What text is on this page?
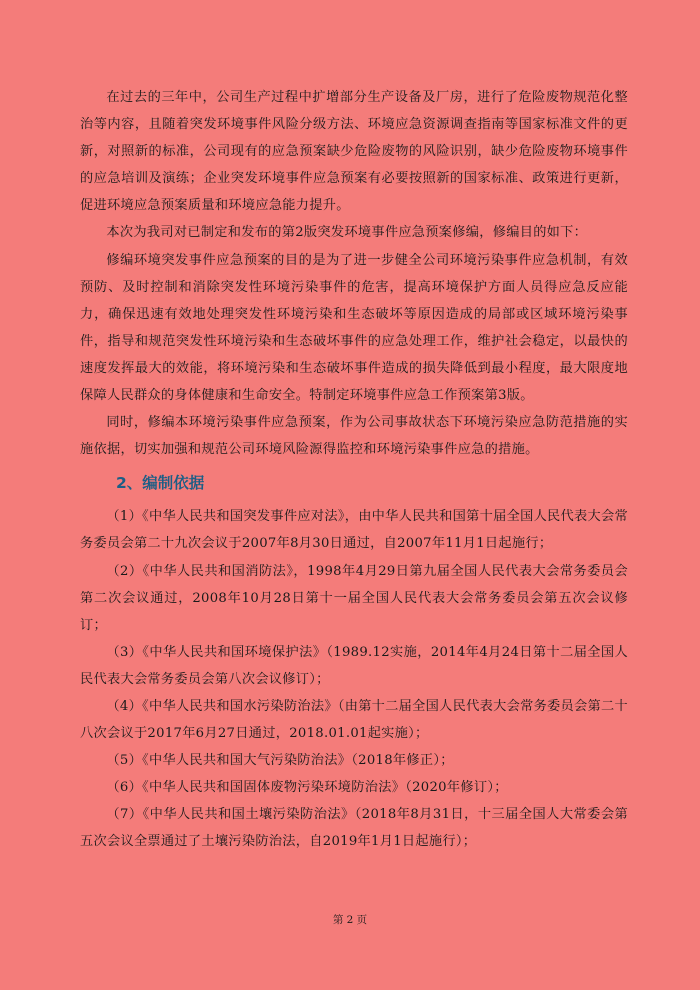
在过去的三年中，公司生产过程中扩增部分生产设备及厂房，进行了危险废物规范化整治等内容，且随着突发环境事件风险分级方法、环境应急资源调查指南等国家标准文件的更新，对照新的标准，公司现有的应急预案缺少危险废物的风险识别，缺少危险废物环境事件的应急培训及演练；企业突发环境事件应急预案有必要按照新的国家标准、政策进行更新，促进环境应急预案质量和环境应急能力提升。

本次为我司对已制定和发布的第2版突发环境事件应急预案修编，修编目的如下：

修编环境突发事件应急预案的目的是为了进一步健全公司环境污染事件应急机制，有效预防、及时控制和消除突发性环境污染事件的危害，提高环境保护方面人员得应急反应能力，确保迅速有效地处理突发性环境污染和生态破坏等原因造成的局部或区域环境污染事件，指导和规范突发性环境污染和生态破坏事件的应急处理工作，维护社会稳定，以最快的速度发挥最大的效能，将环境污染和生态破坏事件造成的损失降低到最小程度，最大限度地保障人民群众的身体健康和生命安全。特制定环境事件应急工作预案第3版。

同时，修编本环境污染事件应急预案，作为公司事故状态下环境污染应急防范措施的实施依据，切实加强和规范公司环境风险源得监控和环境污染事件应急的措施。

2、编制依据

（1）《中华人民共和国突发事件应对法》，由中华人民共和国第十届全国人民代表大会常务委员会第二十九次会议于2007年8月30日通过，自2007年11月1日起施行；

（2）《中华人民共和国消防法》，1998年4月29日第九届全国人民代表大会常务委员会第二次会议通过，2008年10月28日第十一届全国人民代表大会常务委员会第五次会议修订；

（3）《中华人民共和国环境保护法》（1989.12实施，2014年4月24日第十二届全国人民代表大会常务委员会第八次会议修订）；

（4）《中华人民共和国水污染防治法》（由第十二届全国人民代表大会常务委员会第二十八次会议于2017年6月27日通过，2018.01.01起实施）；

（5）《中华人民共和国大气污染防治法》（2018年修正）；

（6）《中华人民共和国固体废物污染环境防治法》（2020年修订）；

（7）《中华人民共和国土壤污染防治法》（2018年8月31日，十三届全国人大常委会第五次会议全票通过了土壤污染防治法，自2019年1月1日起施行）；

第 2 页
